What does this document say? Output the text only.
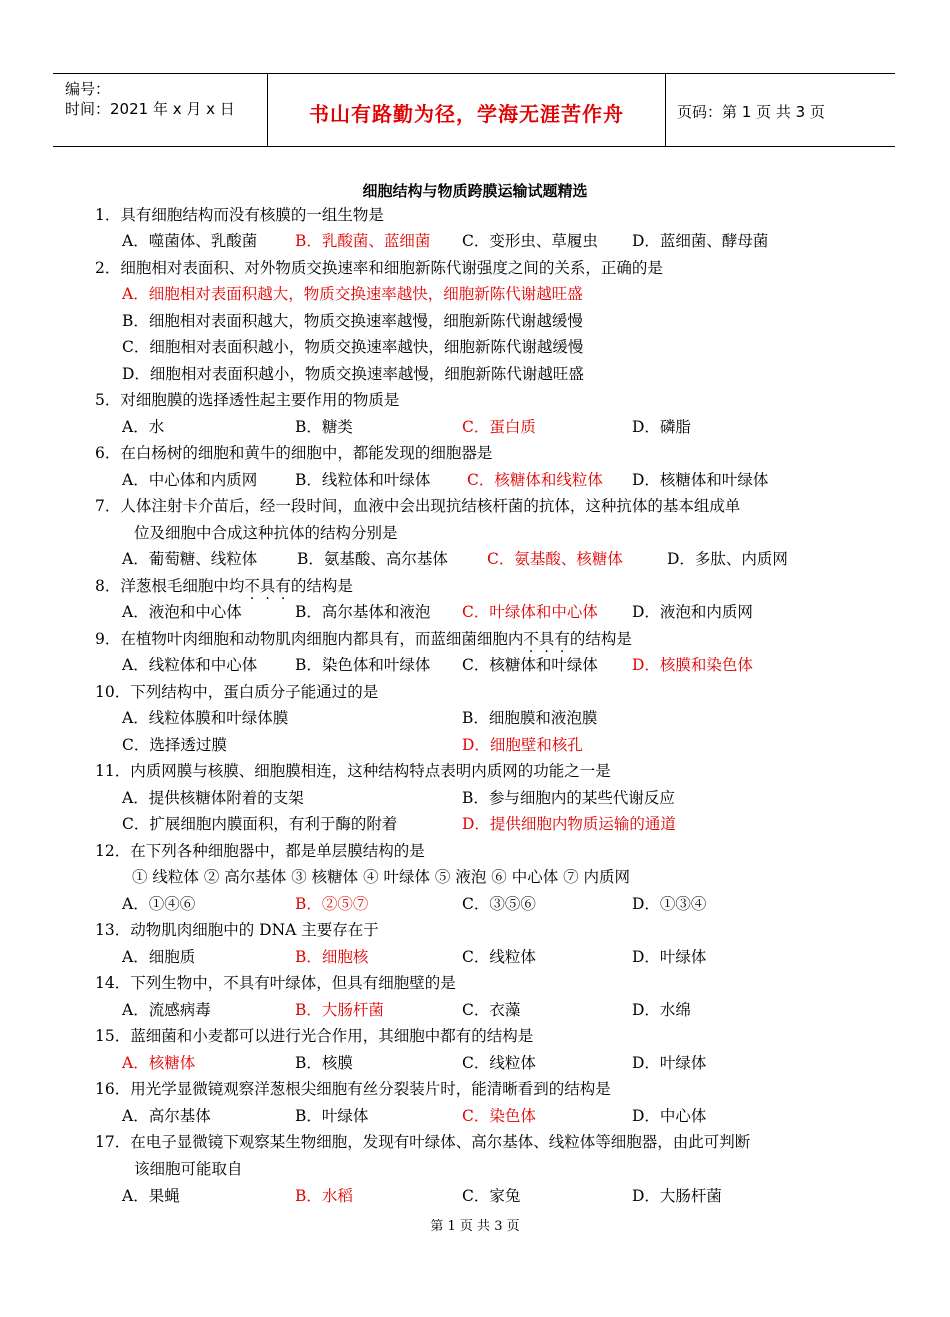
编号：
时间：2021 年 x 月 x 日	书山有路勤为径，学海无涯苦作舟	页码：第 1 页 共 3 页
细胞结构与物质跨膜运输试题精选
1．具有细胞结构而没有核膜的一组生物是
A．噬菌体、乳酸菌 B．乳酸菌、蓝细菌 C．变形虫、草履虫 D．蓝细菌、酵母菌
2．细胞相对表面积、对外物质交换速率和细胞新陈代谢强度之间的关系，正确的是
A．细胞相对表面积越大，物质交换速率越快，细胞新陈代谢越旺盛
B．细胞相对表面积越大，物质交换速率越慢，细胞新陈代谢越缓慢
C．细胞相对表面积越小，物质交换速率越快，细胞新陈代谢越缓慢
D．细胞相对表面积越小，物质交换速率越慢，细胞新陈代谢越旺盛
5．对细胞膜的选择透性起主要作用的物质是
A．水	B．糖类	C．蛋白质	D．磷脂
6．在白杨树的细胞和黄牛的细胞中，都能发现的细胞器是
A．中心体和内质网 B．线粒体和叶绿体 C．核糖体和线粒体 D．核糖体和叶绿体
7．人体注射卡介苗后，经一段时间，血液中会出现抗结核杆菌的抗体，这种抗体的基本组成单
位及细胞中合成这种抗体的结构分别是
A．葡萄糖、线粒体	B．氨基酸、高尔基体	C．氨基酸、核糖体	D．多肽、内质网
8．洋葱根毛细胞中均不具有的结构是
A．液泡和中心体	B．高尔基体和液泡 C．叶绿体和中心体 D．液泡和内质网
9．在植物叶肉细胞和动物肌肉细胞内都具有，而蓝细菌细胞内不具有的结构是
A．线粒体和中心体 B．染色体和叶绿体 C．核糖体和叶绿体 D．核膜和染色体
10．下列结构中，蛋白质分子能通过的是
A．线粒体膜和叶绿体膜	B．细胞膜和液泡膜
C．选择透过膜	D．细胞壁和核孔
11．内质网膜与核膜、细胞膜相连，这种结构特点表明内质网的功能之一是
A．提供核糖体附着的支架	B．参与细胞内的某些代谢反应
C．扩展细胞内膜面积，有利于酶的附着	D．提供细胞内物质运输的通道
12．在下列各种细胞器中，都是单层膜结构的是
① 线粒体 ② 高尔基体 ③ 核糖体 ④ 叶绿体 ⑤ 液泡 ⑥ 中心体 ⑦ 内质网
A．①④⑥	B．②⑤⑦	C．③⑤⑥	D．①③④
13．动物肌肉细胞中的 DNA 主要存在于
A．细胞质	B．细胞核	C．线粒体	D．叶绿体
14．下列生物中，不具有叶绿体，但具有细胞壁的是
A．流感病毒	B．大肠杆菌	C．衣藻	D．水绵
15．蓝细菌和小麦都可以进行光合作用，其细胞中都有的结构是
A．核糖体	B．核膜	C．线粒体	D．叶绿体
16．用光学显微镜观察洋葱根尖细胞有丝分裂装片时，能清晰看到的结构是
A．高尔基体	B．叶绿体	C．染色体	D．中心体
17．在电子显微镜下观察某生物细胞，发现有叶绿体、高尔基体、线粒体等细胞器，由此可判断
该细胞可能取自
A．果蝇	B．水稻	C．家兔	D．大肠杆菌
第 1 页 共 3 页
